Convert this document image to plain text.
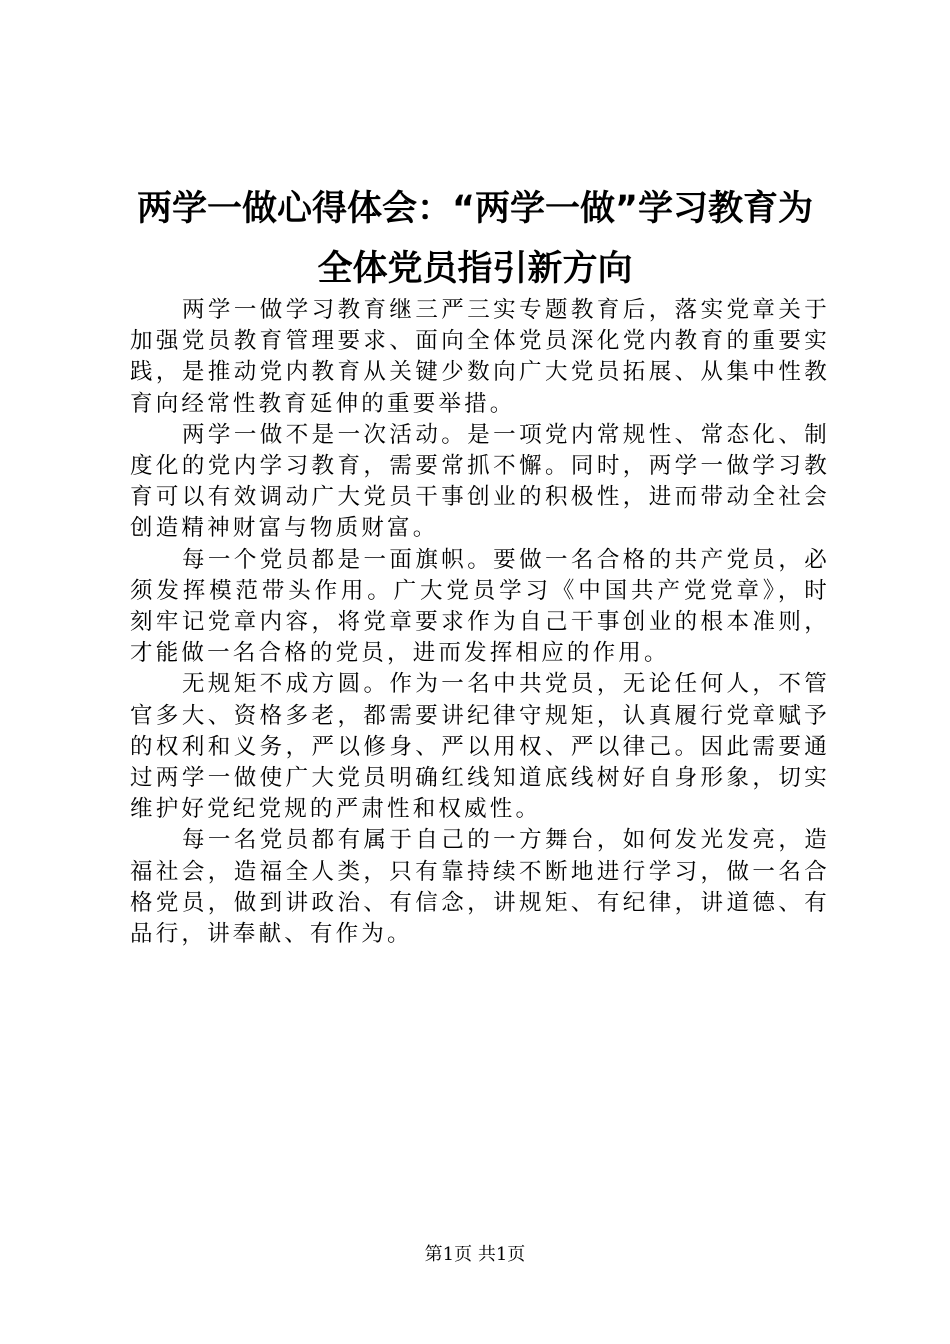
两学一做心得体会：“两学一做”学习教育为
全体党员指引新方向

两学一做学习教育继三严三实专题教育后，落实党章关于加强党员教育管理要求、面向全体党员深化党内教育的重要实践，是推动党内教育从关键少数向广大党员拓展、从集中性教育向经常性教育延伸的重要举措。

两学一做不是一次活动。是一项党内常规性、常态化、制度化的党内学习教育，需要常抓不懈。同时，两学一做学习教育可以有效调动广大党员干事创业的积极性，进而带动全社会创造精神财富与物质财富。

每一个党员都是一面旗帜。要做一名合格的共产党员，必须发挥模范带头作用。广大党员学习《中国共产党党章》，时刻牢记党章内容，将党章要求作为自己干事创业的根本准则，才能做一名合格的党员，进而发挥相应的作用。

无规矩不成方圆。作为一名中共党员，无论任何人，不管官多大、资格多老，都需要讲纪律守规矩，认真履行党章赋予的权利和义务，严以修身、严以用权、严以律己。因此需要通过两学一做使广大党员明确红线知道底线树好自身形象，切实维护好党纪党规的严肃性和权威性。

每一名党员都有属于自己的一方舞台，如何发光发亮，造福社会，造福全人类，只有靠持续不断地进行学习，做一名合格党员，做到讲政治、有信念，讲规矩、有纪律，讲道德、有品行，讲奉献、有作为。

第1页 共1页
